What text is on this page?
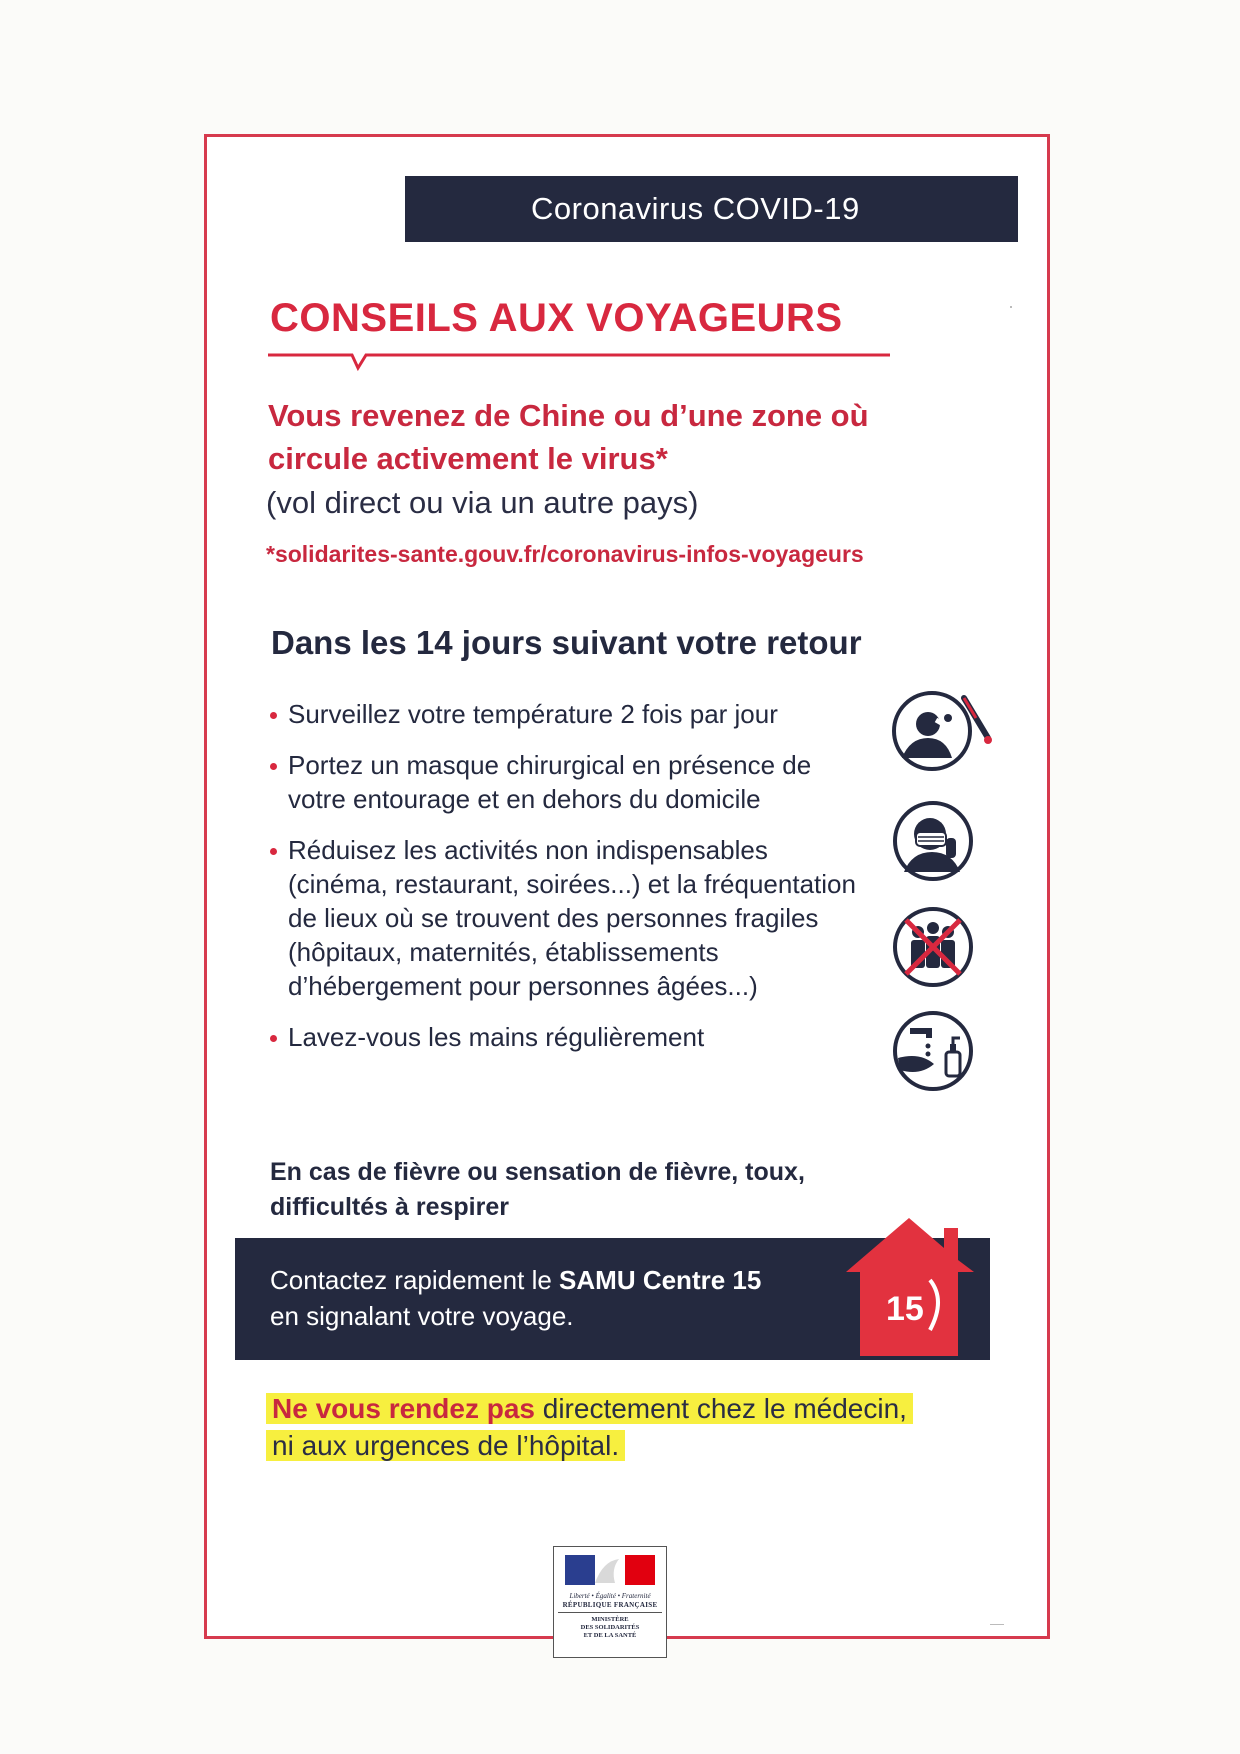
Coronavirus COVID-19
CONSEILS AUX VOYAGEURS
Vous revenez de Chine ou d’une zone où
circule activement le virus*
(vol direct ou via un autre pays)
*solidarites-sante.gouv.fr/coronavirus-infos-voyageurs
Dans les 14 jours suivant votre retour
Surveillez votre température 2 fois par jour
Portez un masque chirurgical en présence de votre entourage et en dehors du domicile
Réduisez les activités non indispensables (cinéma, restaurant, soirées...) et la fréquentation de lieux où se trouvent des personnes fragiles (hôpitaux, maternités, établissements d’hébergement pour personnes âgées...)
Lavez-vous les mains régulièrement
En cas de fièvre ou sensation de fièvre, toux,
difficultés à respirer
Contactez rapidement le SAMU Centre 15
en signalant votre voyage.	15
Ne vous rendez pas directement chez le médecin,
ni aux urgences de l’hôpital.
Liberté • Égalité • Fraternité
RÉPUBLIQUE FRANÇAISE
MINISTÈRE
DES SOLIDARITÉS
ET DE LA SANTÉ
